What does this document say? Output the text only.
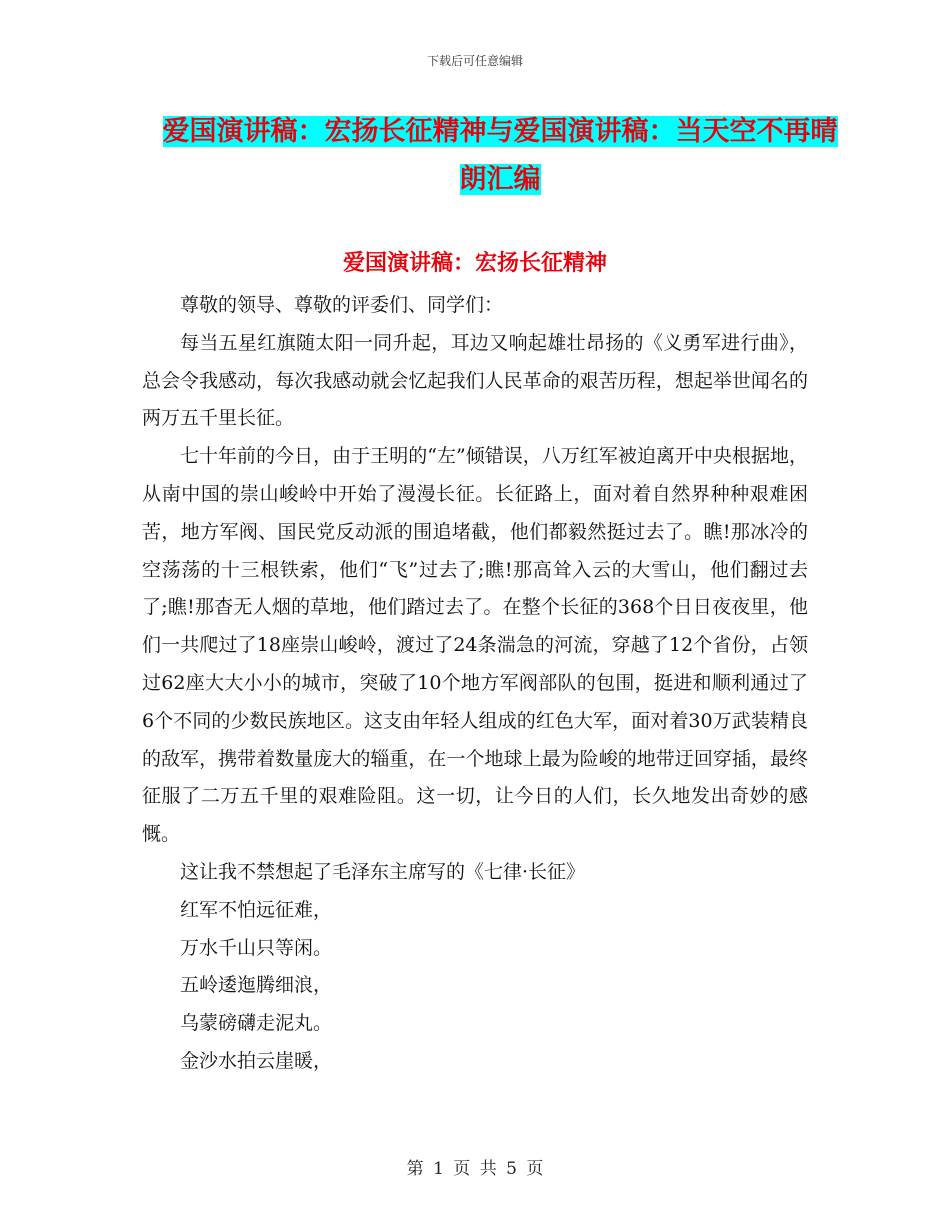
下载后可任意编辑
爱国演讲稿：宏扬长征精神与爱国演讲稿：当天空不再晴朗汇编
爱国演讲稿：宏扬长征精神

尊敬的领导、尊敬的评委们、同学们：

每当五星红旗随太阳一同升起，耳边又响起雄壮昂扬的《义勇军进行曲》，总会令我感动，每次我感动就会忆起我们人民革命的艰苦历程，想起举世闻名的两万五千里长征。

七十年前的今日，由于王明的“左”倾错误，八万红军被迫离开中央根据地，从南中国的崇山峻岭中开始了漫漫长征。长征路上，面对着自然界种种艰难困苦，地方军阀、国民党反动派的围追堵截，他们都毅然挺过去了。瞧!那冰冷的空荡荡的十三根铁索，他们“飞”过去了;瞧!那高耸入云的大雪山，他们翻过去了;瞧!那杳无人烟的草地，他们踏过去了。在整个长征的368个日日夜夜里，他们一共爬过了18座崇山峻岭，渡过了24条湍急的河流，穿越了12个省份，占领过62座大大小小的城市，突破了10个地方军阀部队的包围，挺进和顺利通过了6个不同的少数民族地区。这支由年轻人组成的红色大军，面对着30万武装精良的敌军，携带着数量庞大的辎重，在一个地球上最为险峻的地带迂回穿插，最终征服了二万五千里的艰难险阻。这一切，让今日的人们，长久地发出奇妙的感慨。

这让我不禁想起了毛泽东主席写的《七律·长征》

红军不怕远征难，

万水千山只等闲。

五岭逶迤腾细浪，

乌蒙磅礴走泥丸。

金沙水拍云崖暖，

第 1 页 共 5 页
